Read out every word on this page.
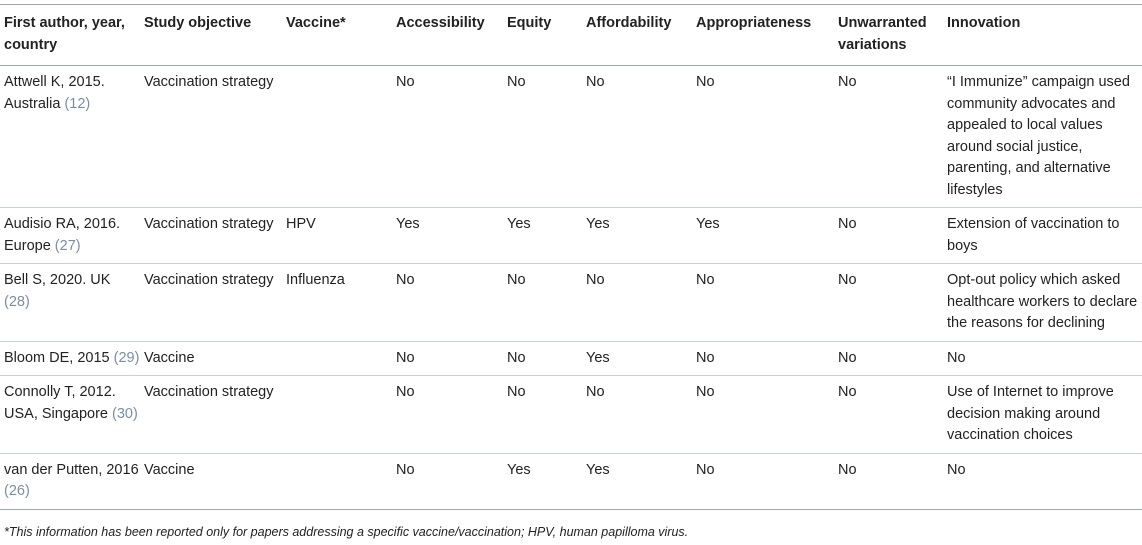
First author, year, country	Study objective	Vaccine*	Accessibility	Equity	Affordability	Appropriateness	Unwarranted variations	Innovation
Attwell K, 2015. Australia (12)	Vaccination strategy		No	No	No	No	No	“I Immunize” campaign used community advocates and appealed to local values around social justice, parenting, and alternative lifestyles
Audisio RA, 2016. Europe (27)	Vaccination strategy	HPV	Yes	Yes	Yes	Yes	No	Extension of vaccination to boys
Bell S, 2020. UK (28)	Vaccination strategy	Influenza	No	No	No	No	No	Opt-out policy which asked healthcare workers to declare the reasons for declining
Bloom DE, 2015 (29)	Vaccine		No	No	Yes	No	No	No
Connolly T, 2012. USA, Singapore (30)	Vaccination strategy		No	No	No	No	No	Use of Internet to improve decision making around vaccination choices
van der Putten, 2016 (26)	Vaccine		No	Yes	Yes	No	No	No
*This information has been reported only for papers addressing a specific vaccine/vaccination; HPV, human papilloma virus.
